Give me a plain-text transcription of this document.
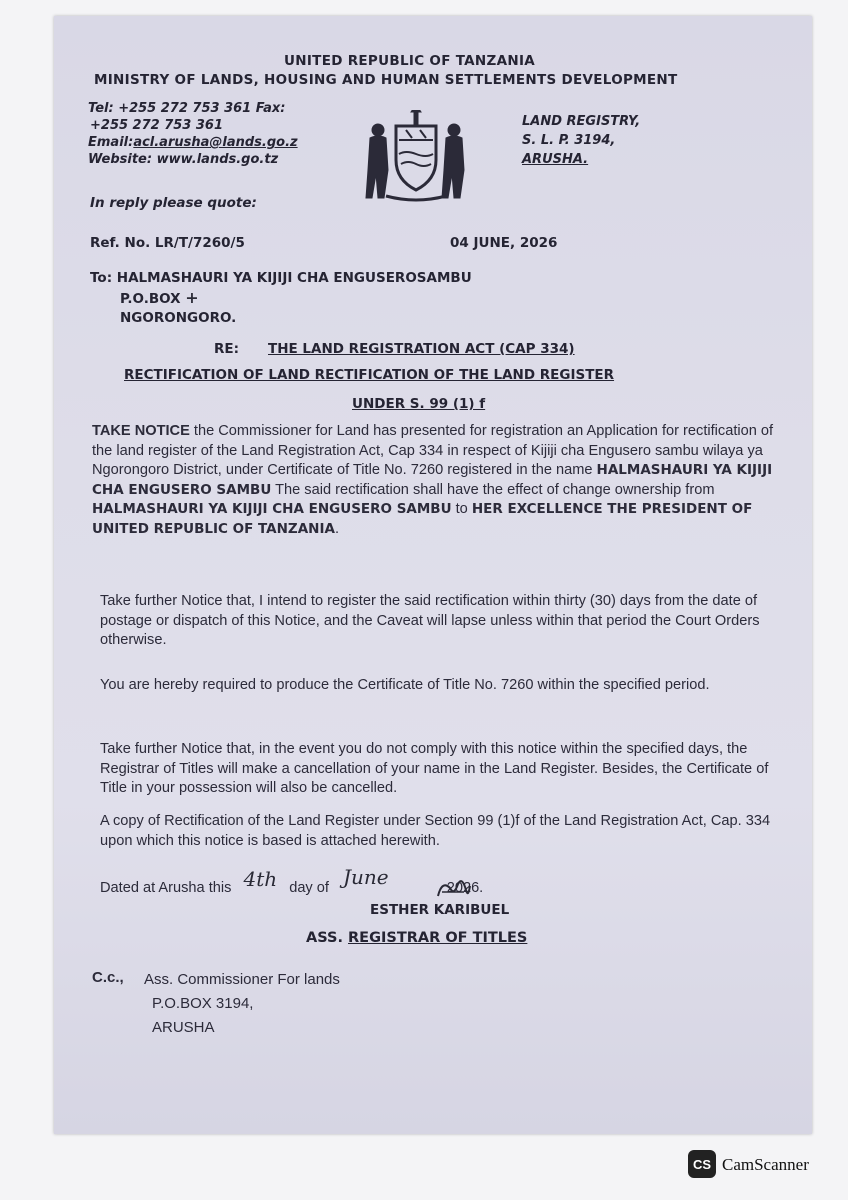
UNITED REPUBLIC OF TANZANIA
MINISTRY OF LANDS, HOUSING AND HUMAN SETTLEMENTS DEVELOPMENT
Tel: +255 272 753 361 Fax:
+255 272 753 361
Email:acl.arusha@lands.go.z
Website: www.lands.go.tz
LAND REGISTRY,
S. L. P. 3194,
ARUSHA.
In reply please quote:
Ref. No. LR/T/7260/5	04 JUNE, 2026
To: HALMASHAURI YA KIJIJI CHA ENGUSEROSAMBU
P.O.BOX +
NGORONGORO.
RE: THE LAND REGISTRATION ACT (CAP 334)
RECTIFICATION OF LAND RECTIFICATION OF THE LAND REGISTER
UNDER S. 99 (1) f
TAKE NOTICE the Commissioner for Land has presented for registration an Application for rectification of the land register of the Land Registration Act, Cap 334 in respect of Kijiji cha Engusero sambu wilaya ya Ngorongoro District, under Certificate of Title No. 7260 registered in the name HALMASHAURI YA KIJIJI CHA ENGUSERO SAMBU The said rectification shall have the effect of change ownership from HALMASHAURI YA KIJIJI CHA ENGUSERO SAMBU to HER EXCELLENCE THE PRESIDENT OF UNITED REPUBLIC OF TANZANIA.
Take further Notice that, I intend to register the said rectification within thirty (30) days from the date of postage or dispatch of this Notice, and the Caveat will lapse unless within that period the Court Orders otherwise.
You are hereby required to produce the Certificate of Title No. 7260 within the specified period.
Take further Notice that, in the event you do not comply with this notice within the specified days, the Registrar of Titles will make a cancellation of your name in the Land Register. Besides, the Certificate of Title in your possession will also be cancelled.
A copy of Rectification of the Land Register under Section 99 (1)f of the Land Registration Act, Cap. 334 upon which this notice is based is attached herewith.
Dated at Arusha this 4th day of June	2026.
ESTHER KARIBUEL
ASS. REGISTRAR OF TITLES
C.c., Ass. Commissioner For lands
P.O.BOX 3194,
ARUSHA
CS CamScanner
